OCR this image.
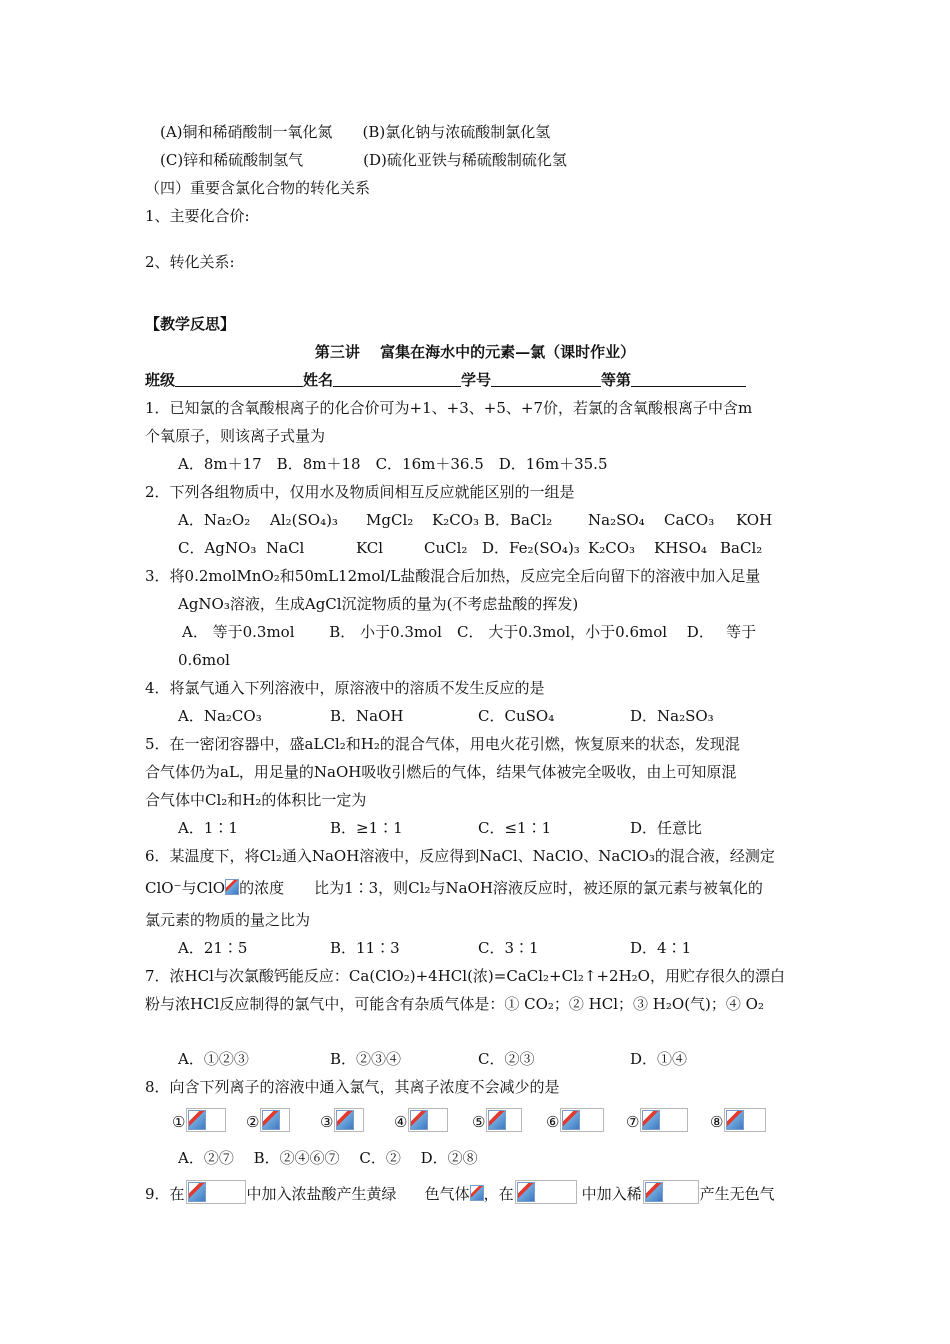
(A)铜和稀硝酸制一氧化氮　　(B)氯化钠与浓硫酸制氯化氢
(C)锌和稀硫酸制氢气　　　　(D)硫化亚铁与稀硫酸制硫化氢
（四）重要含氯化合物的转化关系
1、主要化合价:
2、转化关系:
【教学反思】
第三讲　 富集在海水中的元素—氯（课时作业）
班级	姓名	学号	等第
1．已知氯的含氧酸根离子的化合价可为+1、+3、+5、+7价，若氯的含氧酸根离子中含m
个氧原子，则该离子式量为
A．8m＋17　B．8m＋18　C．16m＋36.5　D．16m＋35.5
2．下列各组物质中，仅用水及物质间相互反应就能区别的一组是
A．Na₂O₂ Al₂(SO₄)₃ MgCl₂ K₂CO₃ B．BaCl₂ Na₂SO₄ CaCO₃ KOH
C．AgNO₃ NaCl	KCl	CuCl₂ D．Fe₂(SO₄)₃ K₂CO₃ KHSO₄ BaCl₂
3．将0.2molMnO₂和50mL12mol/L盐酸混合后加热，反应完全后向留下的溶液中加入足量
AgNO₃溶液，生成AgCl沉淀物质的量为(不考虑盐酸的挥发)
A． 等于0.3mol　　 B． 小于0.3mol　C． 大于0.3mol，小于0.6mol　 D．　 等于
0.6mol
4．将氯气通入下列溶液中，原溶液中的溶质不发生反应的是
A．Na₂CO₃	B．NaOH	C．CuSO₄	D．Na₂SO₃
5．在一密闭容器中，盛aLCl₂和H₂的混合气体，用电火花引燃，恢复原来的状态，发现混
合气体仍为aL，用足量的NaOH吸收引燃后的气体，结果气体被完全吸收，由上可知原混
合气体中Cl₂和H₂的体积比一定为
A．1∶1	B．≥1∶1	C．≤1∶1	D．任意比
6．某温度下，将Cl₂通入NaOH溶液中，反应得到NaCl、NaClO、NaClO₃的混合液，经测定
ClO⁻与ClO 的浓度 比为1∶3，则Cl₂与NaOH溶液反应时，被还原的氯元素与被氧化的
氯元素的物质的量之比为
A．21∶5	B．11∶3	C．3∶1	D．4∶1
7．浓HCl与次氯酸钙能反应：Ca(ClO₂)+4HCl(浓)=CaCl₂+Cl₂↑+2H₂O，用贮存很久的漂白
粉与浓HCl反应制得的氯气中，可能含有杂质气体是：① CO₂；② HCl；③ H₂O(气)；④ O₂
A．①②③	B．②③④	C．②③	D．①④
8．向含下列离子的溶液中通入氯气，其离子浓度不会减少的是
①	②	③	④	⑤	⑥	⑦	⑧
A．②⑦　 B．②④⑥⑦　 C．②　 D．②⑧
9．在	中加入浓盐酸产生黄绿 色气体 ，在	中加入稀	产生无色气
